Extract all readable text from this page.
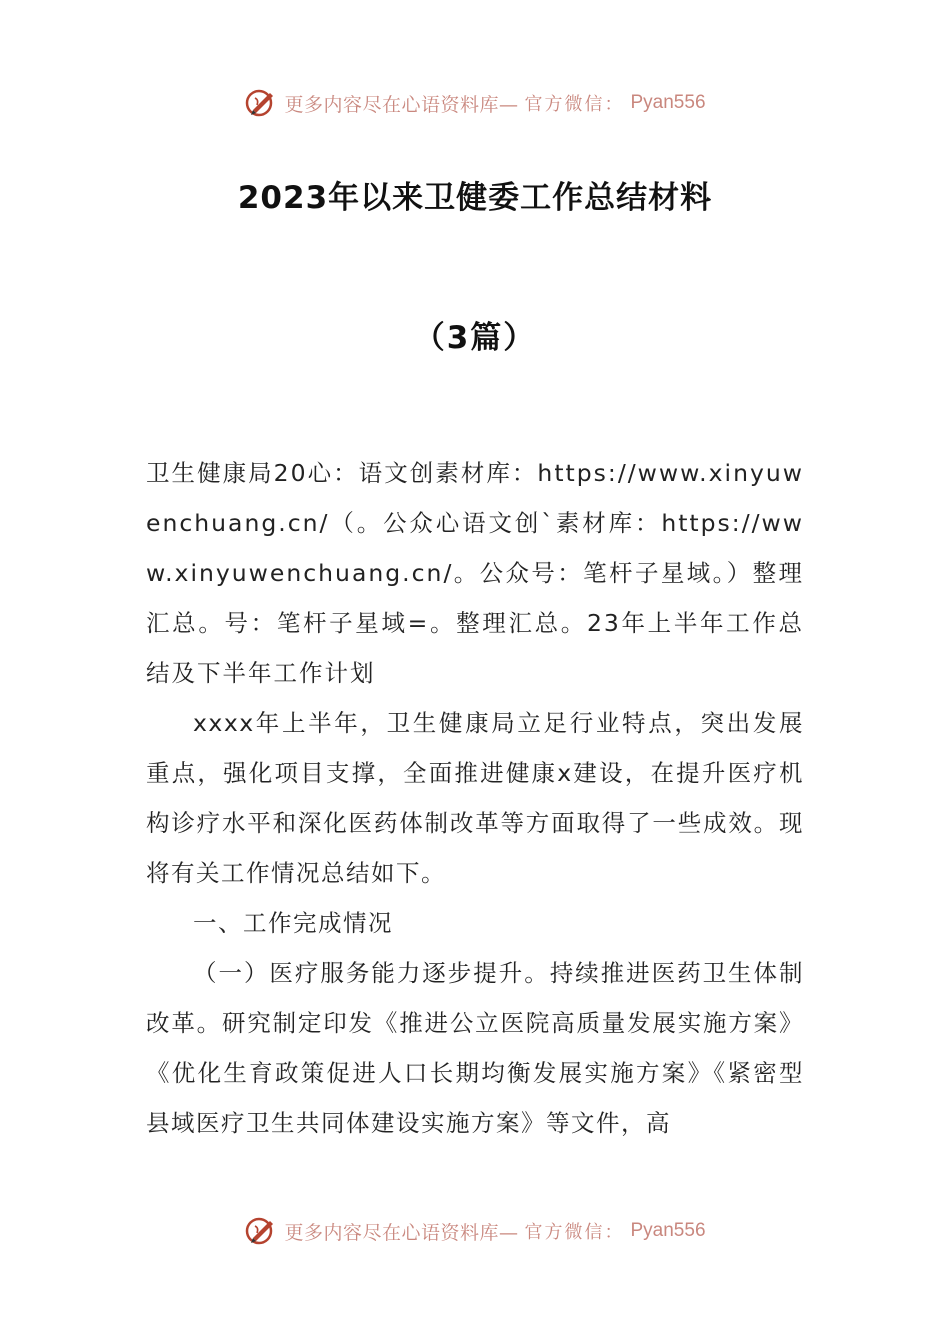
更多内容尽在心语资料库— 官方微信： Pyan556
2023年以来卫健委工作总结材料
（3篇）

卫生健康局20心：语文创素材库：https://www.xinyuwenchuang.cn/（。公众心语文创`素材库：https://www.xinyuwenchuang.cn/。公众号：笔杆子星域。）整理汇总。号：笔杆子星域=。整理汇总。23年上半年工作总结及下半年工作计划

xxxx年上半年，卫生健康局立足行业特点，突出发展重点，强化项目支撑，全面推进健康x建设，在提升医疗机构诊疗水平和深化医药体制改革等方面取得了一些成效。现将有关工作情况总结如下。

一、工作完成情况

（一）医疗服务能力逐步提升。持续推进医药卫生体制改革。研究制定印发《推进公立医院高质量发展实施方案》《优化生育政策促进人口长期均衡发展实施方案》《紧密型县域医疗卫生共同体建设实施方案》等文件，高

更多内容尽在心语资料库— 官方微信： Pyan556
